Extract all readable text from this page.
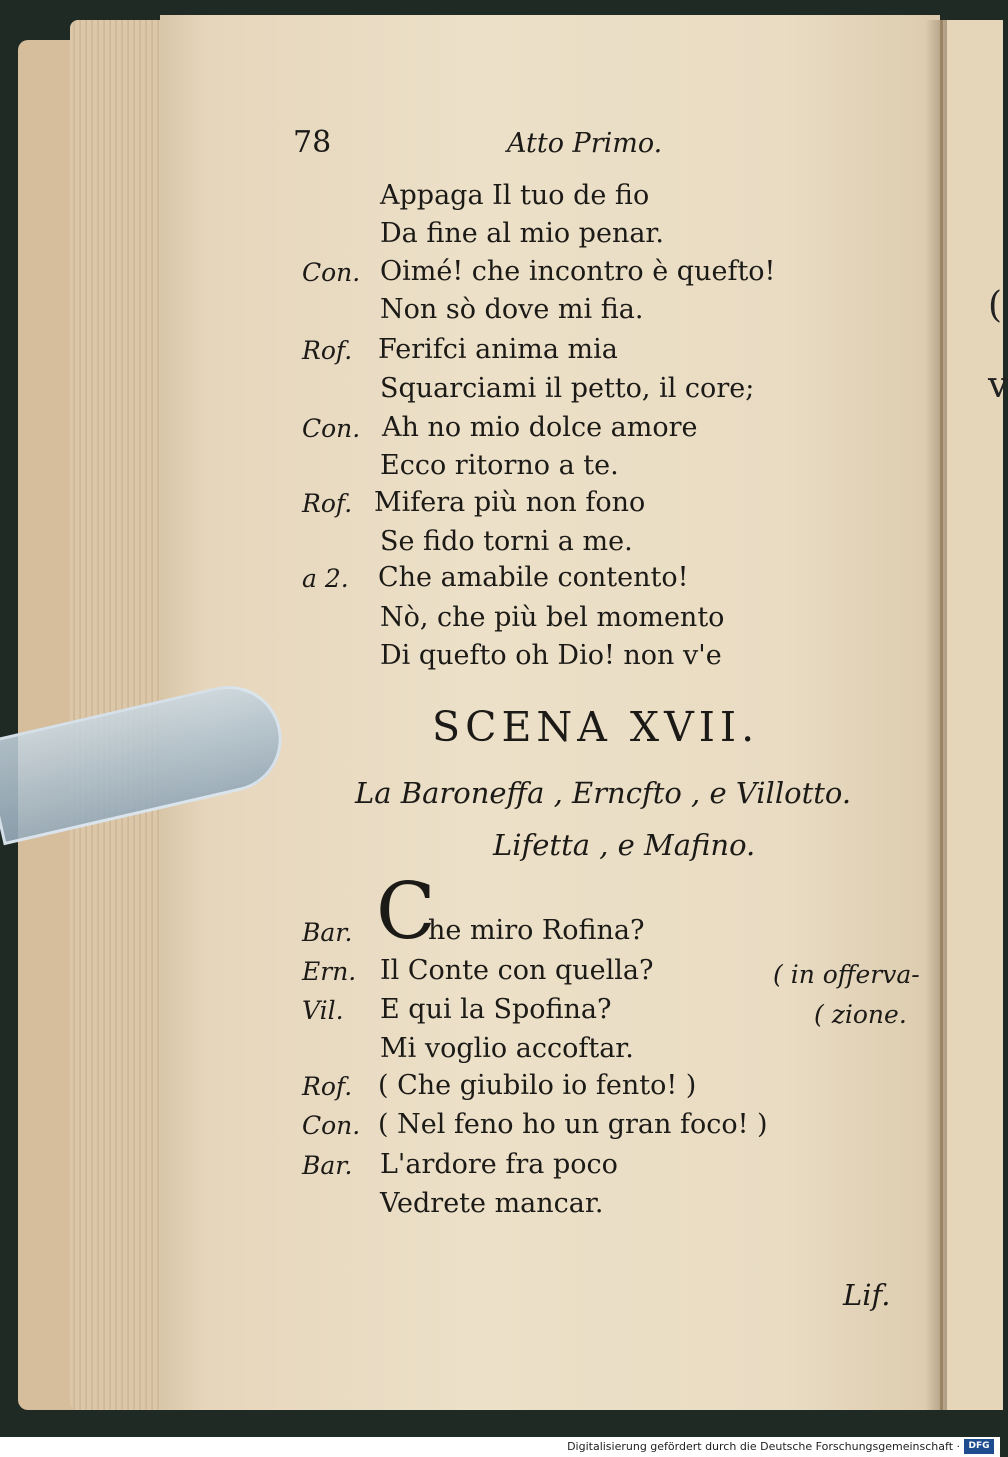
(
v
78	Atto Primo.
Appaga Il tuo de fio
Da fine al mio penar.
Con. Oimé! che incontro è quefto!
Non sò dove mi fia.
Rof. Ferifci anima mia
Squarciami il petto, il core;
Con. Ah no mio dolce amore
Ecco ritorno a te.
Rof. Mifera più non fono
Se fido torni a me.
a 2. Che amabile contento!
Nò, che più bel momento
Di quefto oh Dio! non v'e
SCENA XVII.
La Baroneffa , Erncfto , e Villotto.
Lifetta , e Mafino.
C
Bar.	he miro Rofina?
Ern. Il Conte con quella?
Vil. E qui la Spofina?
( in offerva-
( zione.
Mi voglio accoftar.
Rof. ( Che giubilo io fento! )
Con. ( Nel feno ho un gran foco! )
Bar. L'ardore fra poco
Vedrete mancar.
Lif.
Digitalisierung gefördert durch die Deutsche Forschungsgemeinschaft · DFG
